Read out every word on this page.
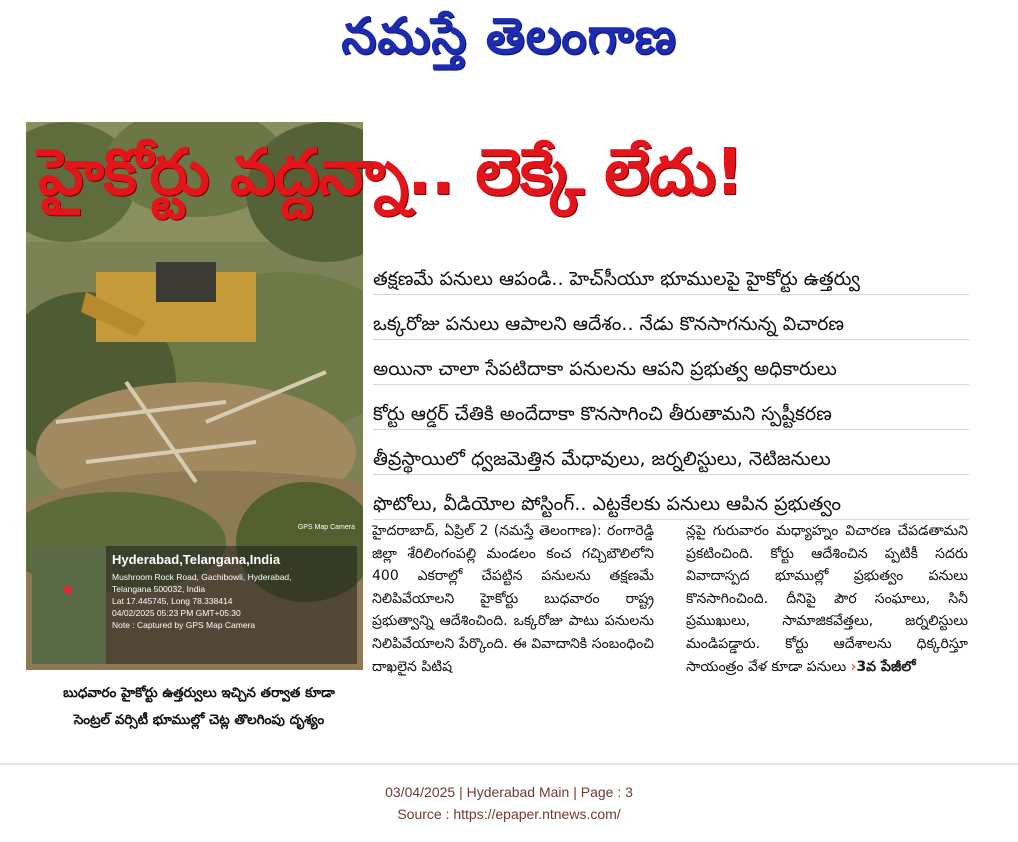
నమస్తే తెలంగాణ
GPS Map Camera
Hyderabad,Telangana,India
Mushroom Rock Road, Gachibowli, Hyderabad,
Telangana 500032, India
Lat 17.445745, Long 78.338414
04/02/2025 05:23 PM GMT+05:30
Note : Captured by GPS Map Camera
హైకోర్టు వద్దన్నా.. లెక్కే లేదు!
తక్షణమే పనులు ఆపండి.. హెచ్‌సీయూ భూములపై హైకోర్టు ఉత్తర్వు
ఒక్కరోజు పనులు ఆపాలని ఆదేశం.. నేడు కొనసాగనున్న విచారణ
అయినా చాలా సేపటిదాకా పనులను ఆపని ప్రభుత్వ అధికారులు
కోర్టు ఆర్డర్‌ చేతికి అందేదాకా కొనసాగించి తీరుతామని స్పష్టీకరణ
తీవ్రస్థాయిలో ధ్వజమెత్తిన మేధావులు, జర్నలిస్టులు, నెటిజనులు
ఫొటోలు, వీడియోల పోస్టింగ్‌.. ఎట్టకేలకు పనులు ఆపిన ప్రభుత్వం

హైదరాబాద్‌, ఏప్రిల్‌ 2 (నమస్తే తెలంగాణ): రంగారెడ్డి జిల్లా శేరిలింగంపల్లి మండలం కంచ గచ్చిబౌలిలోని 400 ఎకరాల్లో చేపట్టిన పనులను తక్షణమే నిలిపివేయాలని హైకోర్టు బుధవారం రాష్ట్ర ప్రభుత్వాన్ని ఆదేశించింది. ఒక్కరోజు పాటు పనులను నిలిపివేయాలని పేర్కొంది. ఈ వివాదానికి సంబంధించి దాఖలైన పిటిష

న్లపై గురువారం మధ్యాహ్నం విచారణ చేపడతామని ప్రకటించింది. కోర్టు ఆదేశించిన ప్పటికీ సదరు వివాదాస్పద భూముల్లో ప్రభుత్వం పనులు కొనసాగించింది. దీనిపై పౌర సంఘాలు, సినీ ప్రముఖులు, సామాజికవేత్తలు, జర్నలిస్టులు మండిపడ్డారు. కోర్టు ఆదేశాలను ధిక్కరిస్తూ సాయంత్రం వేళ కూడా పనులు ›3వ పేజీలో

బుధవారం హైకోర్టు ఉత్తర్వులు ఇచ్చిన తర్వాత కూడా
సెంట్రల్‌ వర్సిటీ భూముల్లో చెట్ల తొలగింపు దృశ్యం
03/04/2025 | Hyderabad Main | Page : 3
Source : https://epaper.ntnews.com/
